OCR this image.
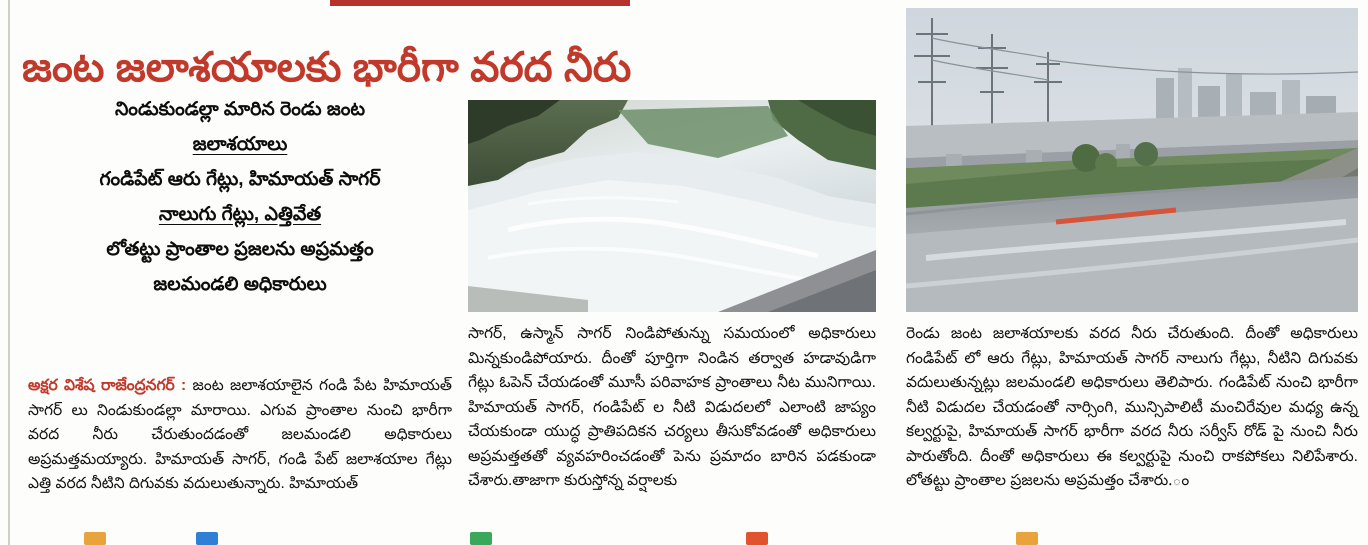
జంట జలాశయాలకు భారీగా వరద నీరు
నిండుకుండల్లా మారిన రెండు జంట
జలాశయాలు
గండిపేట్ ఆరు గేట్లు, హిమాయత్ సాగర్
నాలుగు గేట్లు, ఎత్తివేత
లోతట్టు ప్రాంతాల ప్రజలను అప్రమత్తం
జలమండలి అధికారులు
సాగర్, ఉస్మాన్ సాగర్ నిండిపోతున్ను సమయంలో అధికారులు మిన్నకుండిపోయారు. దీంతో పూర్తిగా నిండిన తర్వాత హడావుడిగా గేట్లు ఓపెన్ చేయడంతో మూసీ పరివాహక ప్రాంతాలు నీట మునిగాయి. హిమాయత్ సాగర్, గండిపేట్ ల నీటి విడుదలలో ఎలాంటి జాప్యం చేయకుండా యుద్ధ ప్రాతిపదికన చర్యలు తీసుకోవడంతో అధికారులు అప్రమత్తతతో వ్యవహరించడంతో పెను ప్రమాదం బారిన పడకుండా చేశారు.తాజాగా కురుస్తోన్న వర్షాలకు
రెండు జంట జలాశయాలకు వరద నీరు చేరుతుంది. దీంతో అధికారులు గండిపేట్ లో ఆరు గేట్లు, హిమాయత్ సాగర్ నాలుగు గేట్లు, నీటిని దిగువకు వదులుతున్నట్లు జలమండలి అధికారులు తెలిపారు. గండిపేట్ నుంచి భారీగా నీటి విడుదల చేయడంతో నార్సింగి, మున్సిపాలిటీ మంచిరేవుల మధ్య ఉన్న కల్వర్టుపై, హిమాయత్ సాగర్ భారీగా వరద నీరు సర్వీస్ రోడ్ పై నుంచి నీరు పారుతోంది. దీంతో అధికారులు ఈ కల్వర్టుపై నుంచి రాకపోకలు నిలిపేశారు. లోతట్టు ప్రాంతాల ప్రజలను అప్రమత్తం చేశారు.ం
అక్షర విశేష రాజేంద్రనగర్ : జంట జలాశయాలైన గండి పేట హిమాయత్ సాగర్ లు నిండుకుండల్లా మారాయి. ఎగువ ప్రాంతాల నుంచి భారీగా వరద నీరు చేరుతుందడంతో జలమండలి అధికారులు అప్రమత్తమయ్యారు. హిమాయత్ సాగర్, గండి పేట్ జలాశయాల గేట్లు ఎత్తి వరద నీటిని దిగువకు వదులుతున్నారు. హిమాయత్
